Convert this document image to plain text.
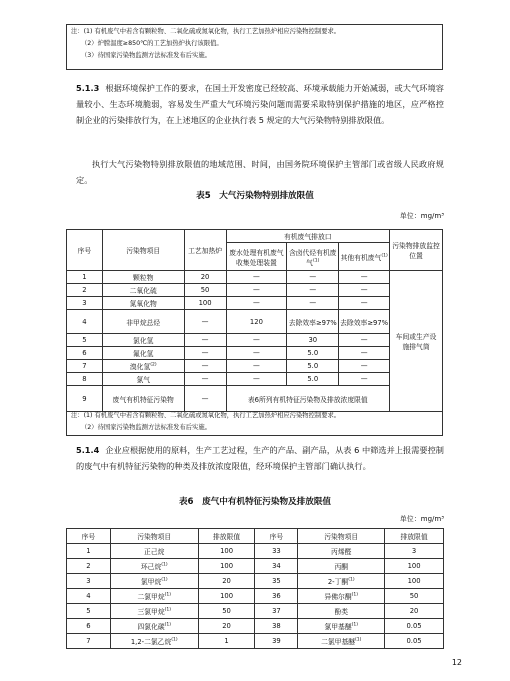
注：(1) 有机废气中若含有颗粒物、二氧化硫或氮氧化物，执行工艺加热炉相应污染物控制要求。
（2）炉膛温度≥850℃的工艺加热炉执行该限值。
（3）待国家污染物监测方法标准发布后实施。
5.1.3 根据环境保护工作的要求，在国土开发密度已经较高、环境承载能力开始减弱，或大气环境容量较小、生态环境脆弱，容易发生严重大气环境污染问题而需要采取特别保护措施的地区，应严格控制企业的污染排放行为，在上述地区的企业执行表 5 规定的大气污染物特别排放限值。
执行大气污染物特别排放限值的地域范围、时间，由国务院环境保护主管部门或省级人民政府规定。
表5　大气污染物特别排放限值
单位：mg/m³
序号	污染物项目	工艺加热炉	有机废气排放口			污染物排放监控位置
			废水处理有机废气收集处理装置	含卤代烃有机废气$^{(1)}$	其他有机废气$^{(1)}$
1	颗粒物	20	—	—	—	车间或生产设施排气筒
2	二氧化硫	50	—	—	—	
3	氮氧化物	100	—	—	—	
4	非甲烷总烃	—	120	去除效率≥97%	去除效率≥97%	
5	氯化氢	—	—	30	—	
6	氟化氢	—	—	5.0	—	
7	溴化氢$^{(2)}$	—	—	5.0	—	
8	氯气	—	—	5.0	—	
9	废气有机特征污染物	—	表6所列有机特征污染物及排放浓度限值			
注：(1) 有机废气中若含有颗粒物、二氧化硫或氮氧化物，执行工艺加热炉相应污染物控制要求。
（2）待国家污染物监测方法标准发布后实施。
5.1.4 企业应根据使用的原料，生产工艺过程，生产的产品、副产品，从表 6 中筛选并上报需要控制的废气中有机特征污染物的种类及排放浓度限值，经环境保护主管部门确认执行。
表6　废气中有机特征污染物及排放限值
单位：mg/m³
序号	污染物项目	排放限值	序号	污染物项目	排放限值
1	正己烷	100	33	丙烯醛	3
2	环己烷$^{(1)}$	100	34	丙酮	100
3	氯甲烷$^{(1)}$	20	35	2-丁酮$^{(1)}$	100
4	二氯甲烷$^{(1)}$	100	36	异佛尔酮$^{(1)}$	50
5	三氯甲烷$^{(1)}$	50	37	酚类	20
6	四氯化碳$^{(1)}$	20	38	氯甲基醚$^{(1)}$	0.05
7	1,2-二氯乙烷$^{(1)}$	1	39	二氯甲基醚$^{(1)}$	0.05
12
